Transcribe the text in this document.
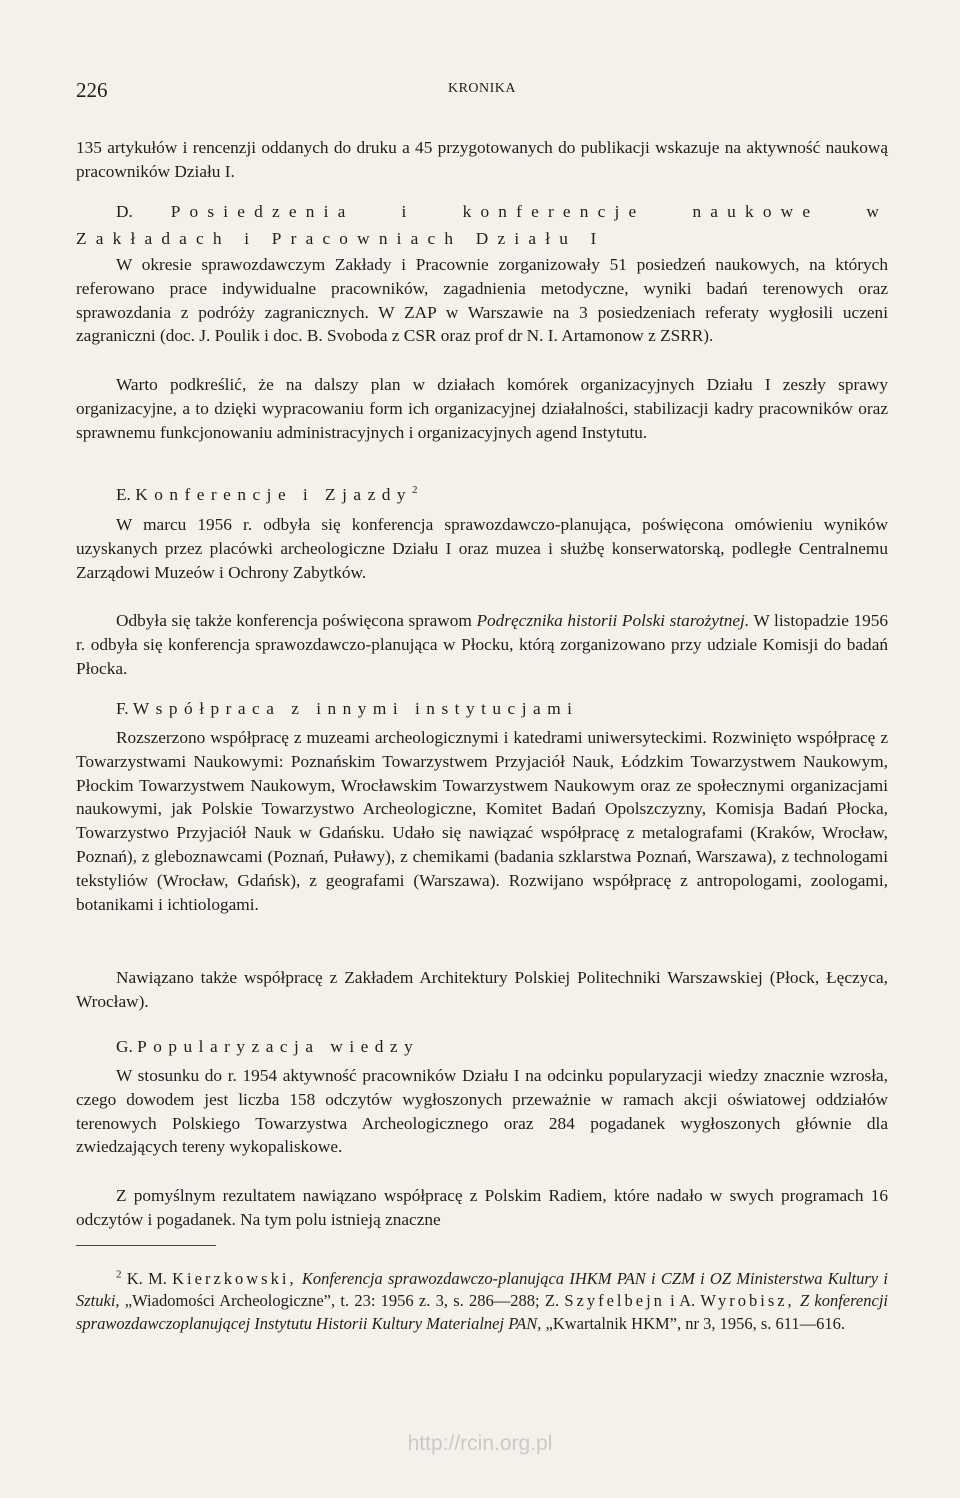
226	KRONIKA

135 artykułów i rencenzji oddanych do druku a 45 przygotowanych do publikacji wskazuje na aktywność naukową pracowników Działu I.

D. Posiedzenia i konferencje naukowe w Zakładach i Pracowniach Działu I

W okresie sprawozdawczym Zakłady i Pracownie zorganizowały 51 posiedzeń naukowych, na których referowano prace indywidualne pracowników, zagadnienia metodyczne, wyniki badań terenowych oraz sprawozdania z podróży zagranicznych. W ZAP w Warszawie na 3 posiedzeniach referaty wygłosili uczeni zagraniczni (doc. J. Poulik i doc. B. Svoboda z CSR oraz prof dr N. I. Artamonow z ZSRR).

Warto podkreślić, że na dalszy plan w działach komórek organizacyjnych Działu I zeszły sprawy organizacyjne, a to dzięki wypracowaniu form ich organizacyjnej działalności, stabilizacji kadry pracowników oraz sprawnemu funkcjonowaniu administracyjnych i organizacyjnych agend Instytutu.

E. Konferencje i Zjazdy$^2$

W marcu 1956 r. odbyła się konferencja sprawozdawczo-planująca, poświęcona omówieniu wyników uzyskanych przez placówki archeologiczne Działu I oraz muzea i służbę konserwatorską, podległe Centralnemu Zarządowi Muzeów i Ochrony Zabytków.

Odbyła się także konferencja poświęcona sprawom Podręcznika historii Polski starożytnej. W listopadzie 1956 r. odbyła się konferencja sprawozdawczo-planująca w Płocku, którą zorganizowano przy udziale Komisji do badań Płocka.

F. Współpraca z innymi instytucjami

Rozszerzono współpracę z muzeami archeologicznymi i katedrami uniwersyteckimi. Rozwinięto współpracę z Towarzystwami Naukowymi: Poznańskim Towarzystwem Przyjaciół Nauk, Łódzkim Towarzystwem Naukowym, Płockim Towarzystwem Naukowym, Wrocławskim Towarzystwem Naukowym oraz ze społecznymi organizacjami naukowymi, jak Polskie Towarzystwo Archeologiczne, Komitet Badań Opolszczyzny, Komisja Badań Płocka, Towarzystwo Przyjaciół Nauk w Gdańsku. Udało się nawiązać współpracę z metalografami (Kraków, Wrocław, Poznań), z gleboznawcami (Poznań, Puławy), z chemikami (badania szklarstwa Poznań, Warszawa), z technologami tekstyliów (Wrocław, Gdańsk), z geografami (Warszawa). Rozwijano współpracę z antropologami, zoologami, botanikami i ichtiologami.

Nawiązano także współpracę z Zakładem Architektury Polskiej Politechniki Warszawskiej (Płock, Łęczyca, Wrocław).

G. Popularyzacja wiedzy

W stosunku do r. 1954 aktywność pracowników Działu I na odcinku popularyzacji wiedzy znacznie wzrosła, czego dowodem jest liczba 158 odczytów wygłoszonych przeważnie w ramach akcji oświatowej oddziałów terenowych Polskiego Towarzystwa Archeologicznego oraz 284 pogadanek wygłoszonych głównie dla zwiedzających tereny wykopaliskowe.

Z pomyślnym rezultatem nawiązano współpracę z Polskim Radiem, które nadało w swych programach 16 odczytów i pogadanek. Na tym polu istnieją znaczne

$^2$ K. M. Kierzkowski, Konferencja sprawozdawczo-planująca IHKM PAN i CZM i OZ Ministerstwa Kultury i Sztuki, „Wiadomości Archeologiczne”, t. 23: 1956 z. 3, s. 286—288; Z. Szyfelbejn i A. Wyrobisz, Z konferencji sprawozdawczoplanującej Instytutu Historii Kultury Materialnej PAN, „Kwartalnik HKM”, nr 3, 1956, s. 611—616.

http://rcin.org.pl
